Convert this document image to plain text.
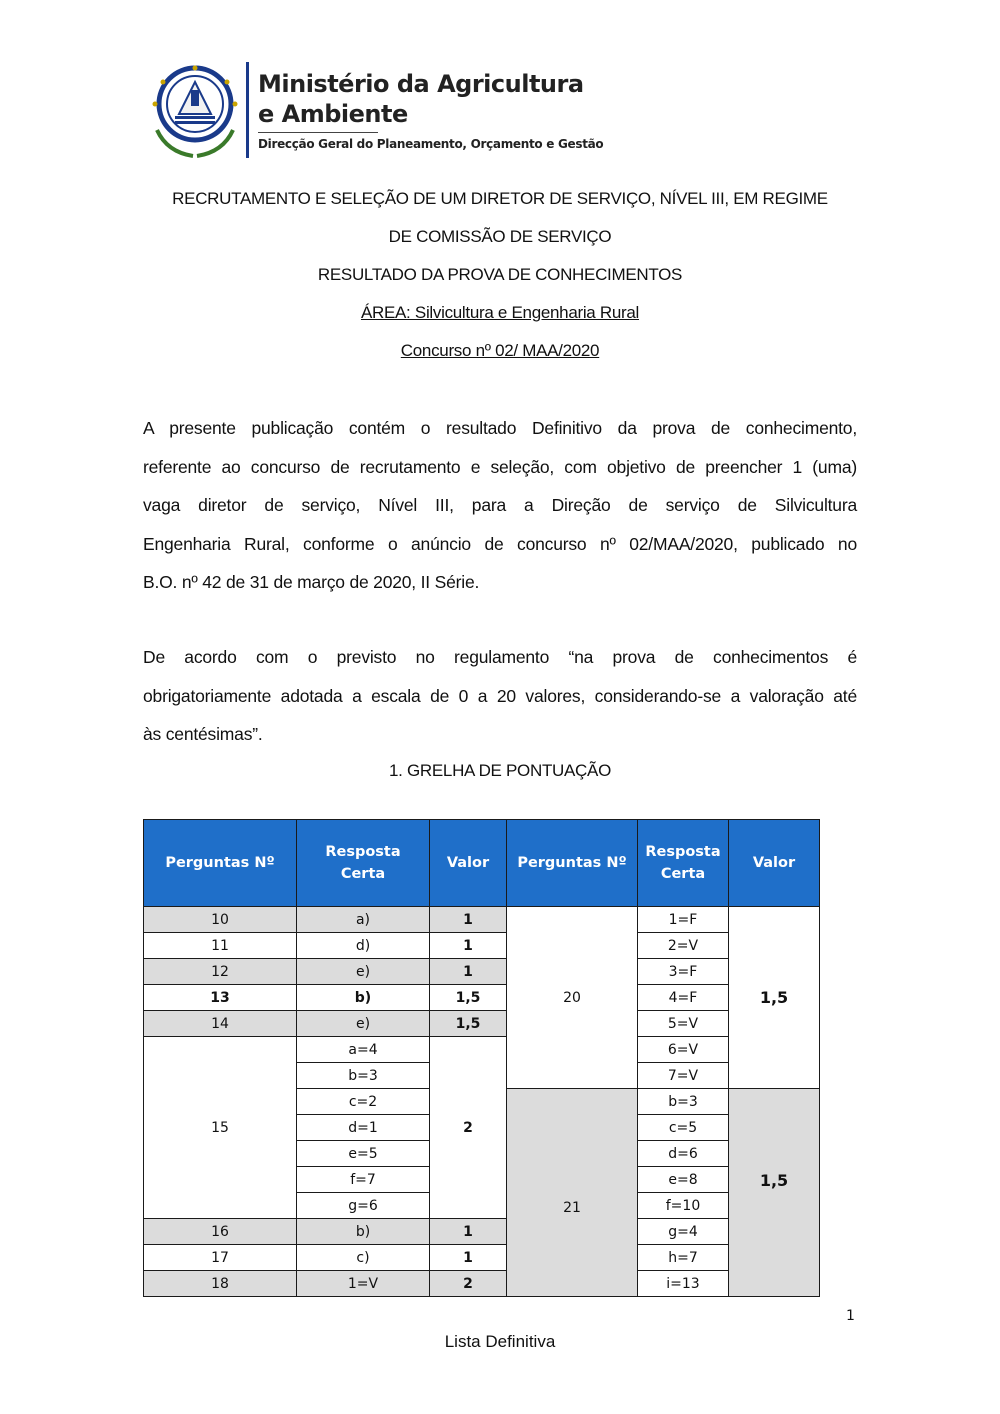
Ministério da Agricultura
e Ambiente
Direcção Geral do Planeamento, Orçamento e Gestão
RECRUTAMENTO E SELEÇÃO DE UM DIRETOR DE SERVIÇO, NÍVEL III, EM REGIME
DE COMISSÃO DE SERVIÇO
RESULTADO DA PROVA DE CONHECIMENTOS
ÁREA: Silvicultura e Engenharia Rural
Concurso nº 02/ MAA/2020
A presente publicação contém o resultado Definitivo da prova de conhecimento,
referente ao concurso de recrutamento e seleção, com objetivo de preencher 1 (uma)
vaga diretor de serviço, Nível III, para a Direção de serviço de Silvicultura
Engenharia Rural, conforme o anúncio de concurso nº 02/MAA/2020, publicado no
B.O. nº 42 de 31 de março de 2020, II Série.
De acordo com o previsto no regulamento “na prova de conhecimentos é
obrigatoriamente adotada a escala de 0 a 20 valores, considerando-se a valoração até
às centésimas”.
1. GRELHA DE PONTUAÇÃO
Perguntas Nº	Resposta Certa	Valor	Perguntas Nº	Resposta Certa	Valor
10	a)	1	20	1=F	1,5
11	d)	1		2=V	
12	e)	1		3=F	
13	b)	1,5		4=F	
14	e)	1,5		5=V	
15	a=4	2		6=V	
	b=3			7=V	
	c=2		21	b=3	1,5
	d=1			c=5	
	e=5			d=6	
	f=7			e=8	
	g=6			f=10	
16	b)	1		g=4	
17	c)	1		h=7	
18	1=V	2		i=13	
1
Lista Definitiva
